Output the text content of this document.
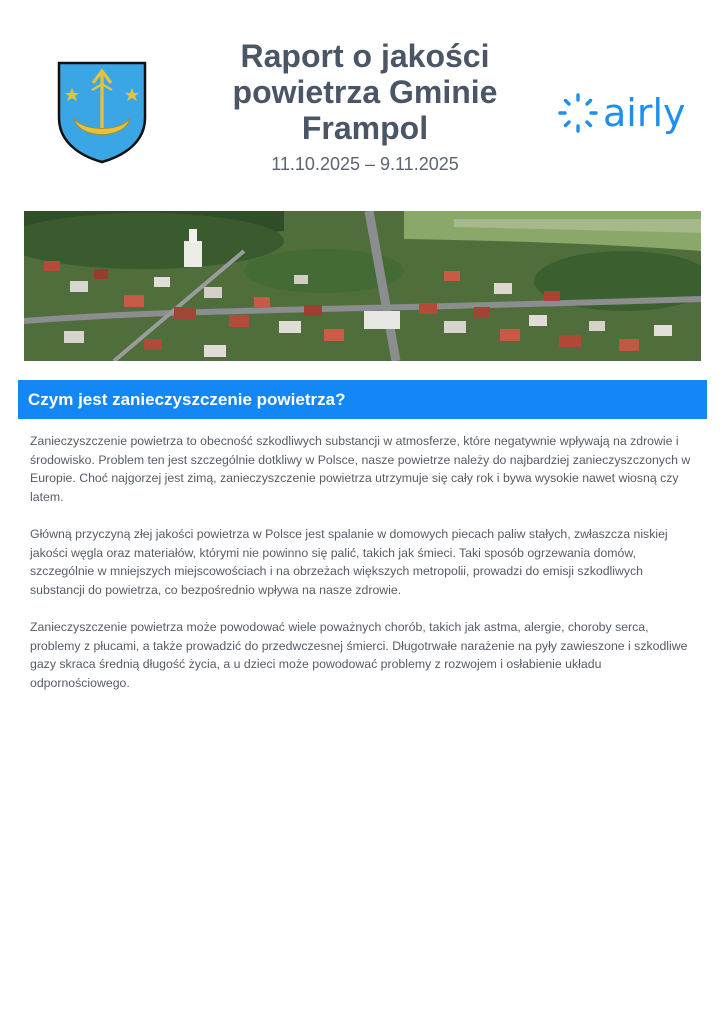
Raport o jakości
powietrza Gminie
Frampol
11.10.2025 – 9.11.2025
airly
Czym jest zanieczyszczenie powietrza?

Zanieczyszczenie powietrza to obecność szkodliwych substancji w atmosferze, które negatywnie wpływają na zdrowie i środowisko. Problem ten jest szczególnie dotkliwy w Polsce, nasze powietrze należy do najbardziej zanieczyszczonych w Europie. Choć najgorzej jest zimą, zanieczyszczenie powietrza utrzymuje się cały rok i bywa wysokie nawet wiosną czy latem.

Główną przyczyną złej jakości powietrza w Polsce jest spalanie w domowych piecach paliw stałych, zwłaszcza niskiej jakości węgla oraz materiałów, którymi nie powinno się palić, takich jak śmieci. Taki sposób ogrzewania domów, szczególnie w mniejszych miejscowościach i na obrzeżach większych metropolii, prowadzi do emisji szkodliwych substancji do powietrza, co bezpośrednio wpływa na nasze zdrowie.

Zanieczyszczenie powietrza może powodować wiele poważnych chorób, takich jak astma, alergie, choroby serca, problemy z płucami, a także prowadzić do przedwczesnej śmierci. Długotrwałe narażenie na pyły zawieszone i szkodliwe gazy skraca średnią długość życia, a u dzieci może powodować problemy z rozwojem i osłabienie układu odpornościowego.
